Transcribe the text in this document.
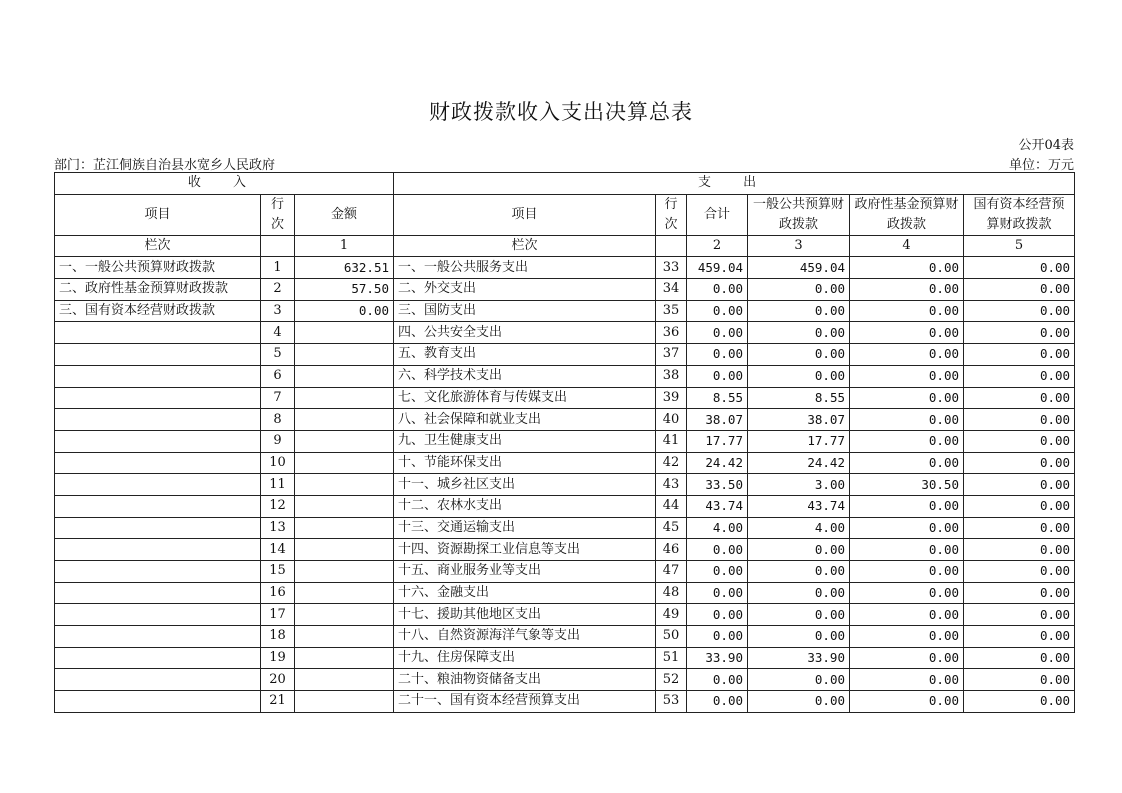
财政拨款收入支出决算总表
公开04表
部门：芷江侗族自治县水宽乡人民政府	单位：万元
收 入			支 出					
项目	行次	金额	项目	行次	合计	一般公共预算财政拨款	政府性基金预算财政拨款	国有资本经营预算财政拨款
栏次		1	栏次		2	3	4	5
一、一般公共预算财政拨款	1	632.51	一、一般公共服务支出	33	459.04	459.04	0.00	0.00
二、政府性基金预算财政拨款	2	57.50	二、外交支出	34	0.00	0.00	0.00	0.00
三、国有资本经营财政拨款	3	0.00	三、国防支出	35	0.00	0.00	0.00	0.00
	4		四、公共安全支出	36	0.00	0.00	0.00	0.00
	5		五、教育支出	37	0.00	0.00	0.00	0.00
	6		六、科学技术支出	38	0.00	0.00	0.00	0.00
	7		七、文化旅游体育与传媒支出	39	8.55	8.55	0.00	0.00
	8		八、社会保障和就业支出	40	38.07	38.07	0.00	0.00
	9		九、卫生健康支出	41	17.77	17.77	0.00	0.00
	10		十、节能环保支出	42	24.42	24.42	0.00	0.00
	11		十一、城乡社区支出	43	33.50	3.00	30.50	0.00
	12		十二、农林水支出	44	43.74	43.74	0.00	0.00
	13		十三、交通运输支出	45	4.00	4.00	0.00	0.00
	14		十四、资源勘探工业信息等支出	46	0.00	0.00	0.00	0.00
	15		十五、商业服务业等支出	47	0.00	0.00	0.00	0.00
	16		十六、金融支出	48	0.00	0.00	0.00	0.00
	17		十七、援助其他地区支出	49	0.00	0.00	0.00	0.00
	18		十八、自然资源海洋气象等支出	50	0.00	0.00	0.00	0.00
	19		十九、住房保障支出	51	33.90	33.90	0.00	0.00
	20		二十、粮油物资储备支出	52	0.00	0.00	0.00	0.00
	21		二十一、国有资本经营预算支出	53	0.00	0.00	0.00	0.00
